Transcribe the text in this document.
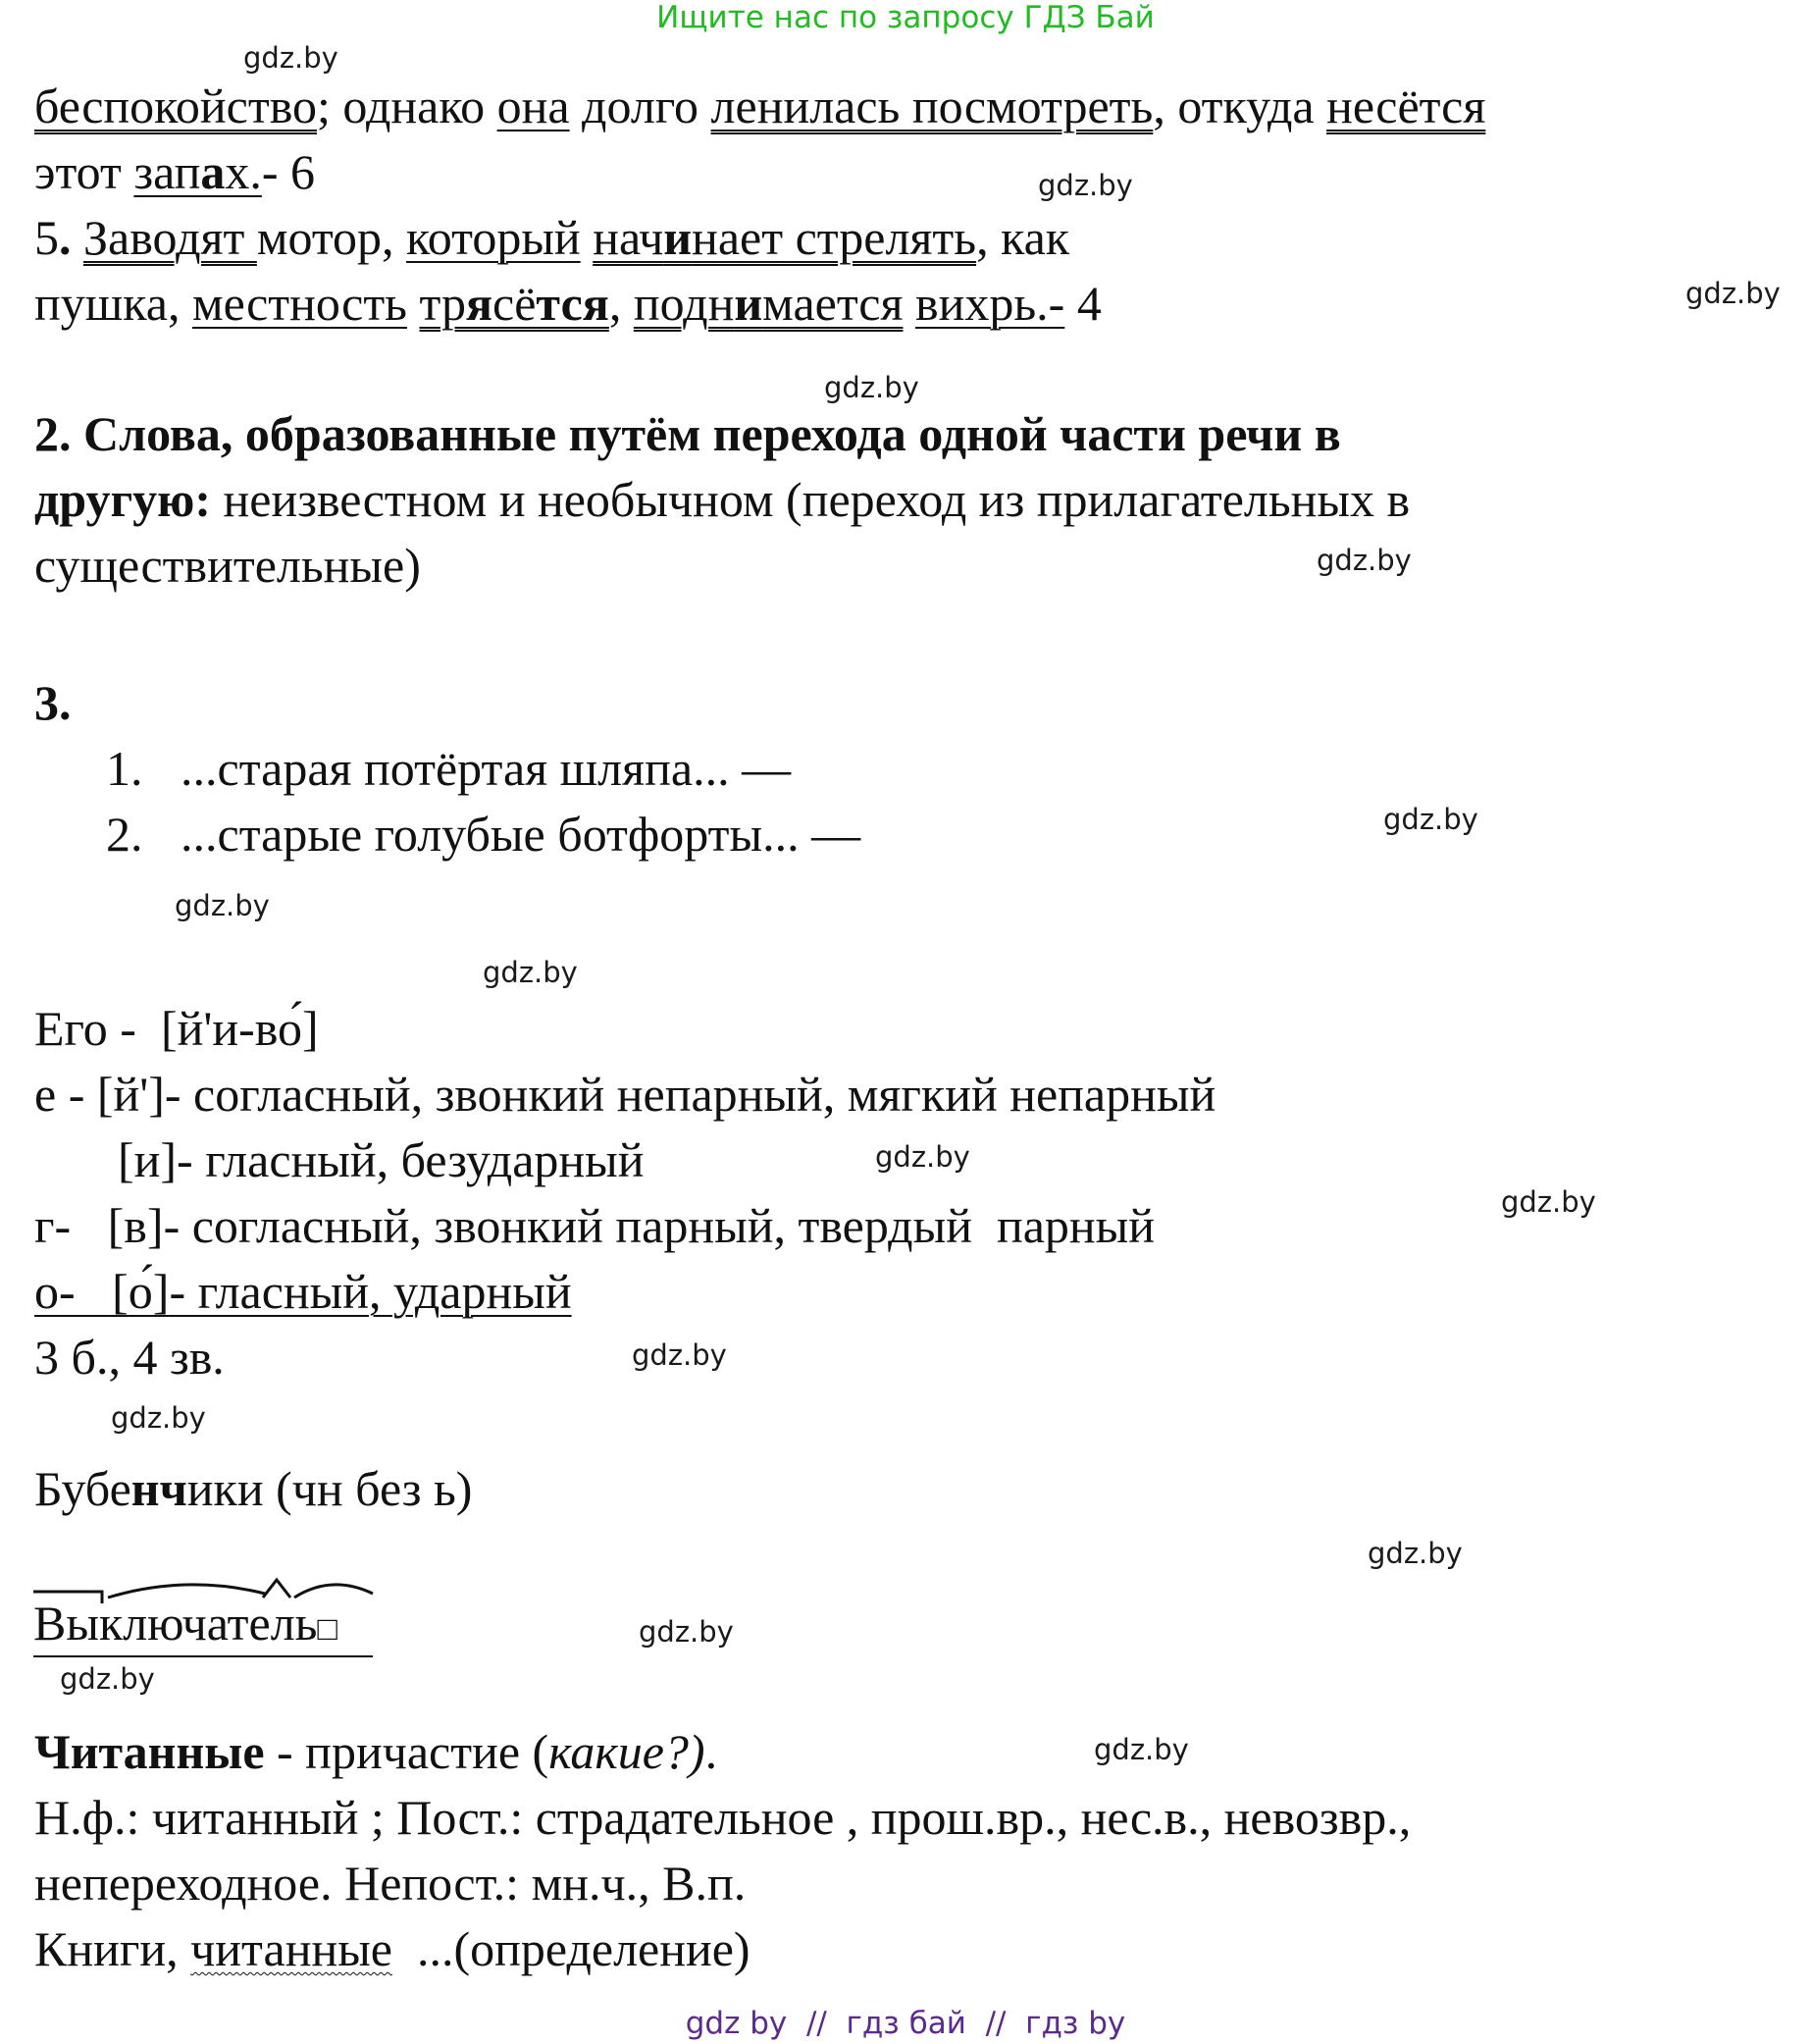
Ищите нас по запросу ГДЗ Бай
gdz.by
gdz.by
gdz.by
gdz.by
gdz.by
gdz.by
gdz.by
gdz.by
gdz.by
gdz.by
gdz.by
gdz.by
gdz.by
gdz.by
gdz.by
gdz.by
беспокойство; однако она долго ленилась посмотреть, откуда несётся
этот запах.- 6
5. Заводят мотор, который начинает стрелять, как
пушка, местность трясётся, поднимается вихрь.- 4
2. Слова, образованные путём перехода одной части речи в
другую: неизвестном и необычном (переход из прилагательных в
существительные)
3.
1. ...старая потёртая шляпа... —
2. ...старые голубые ботфорты... —
Его - [й'и-во́]
е - [й']- согласный, звонкий непарный, мягкий непарный
[и]- гласный, безударный
г-   [в]- согласный, звонкий парный, твердый  парный
о-   [о́]- гласный, ударный
3 б., 4 зв.
Бубенчики (чн без ь)
Выключатель□
Читанные - причастие (какие?).
Н.ф.: читанный ; Пост.: страдательное , прош.вр., нес.в., невозвр.,
непереходное. Непост.: мн.ч., В.п.
Книги, читанные  ...(определение)
gdz by  //  гдз бай  //  гдз by
